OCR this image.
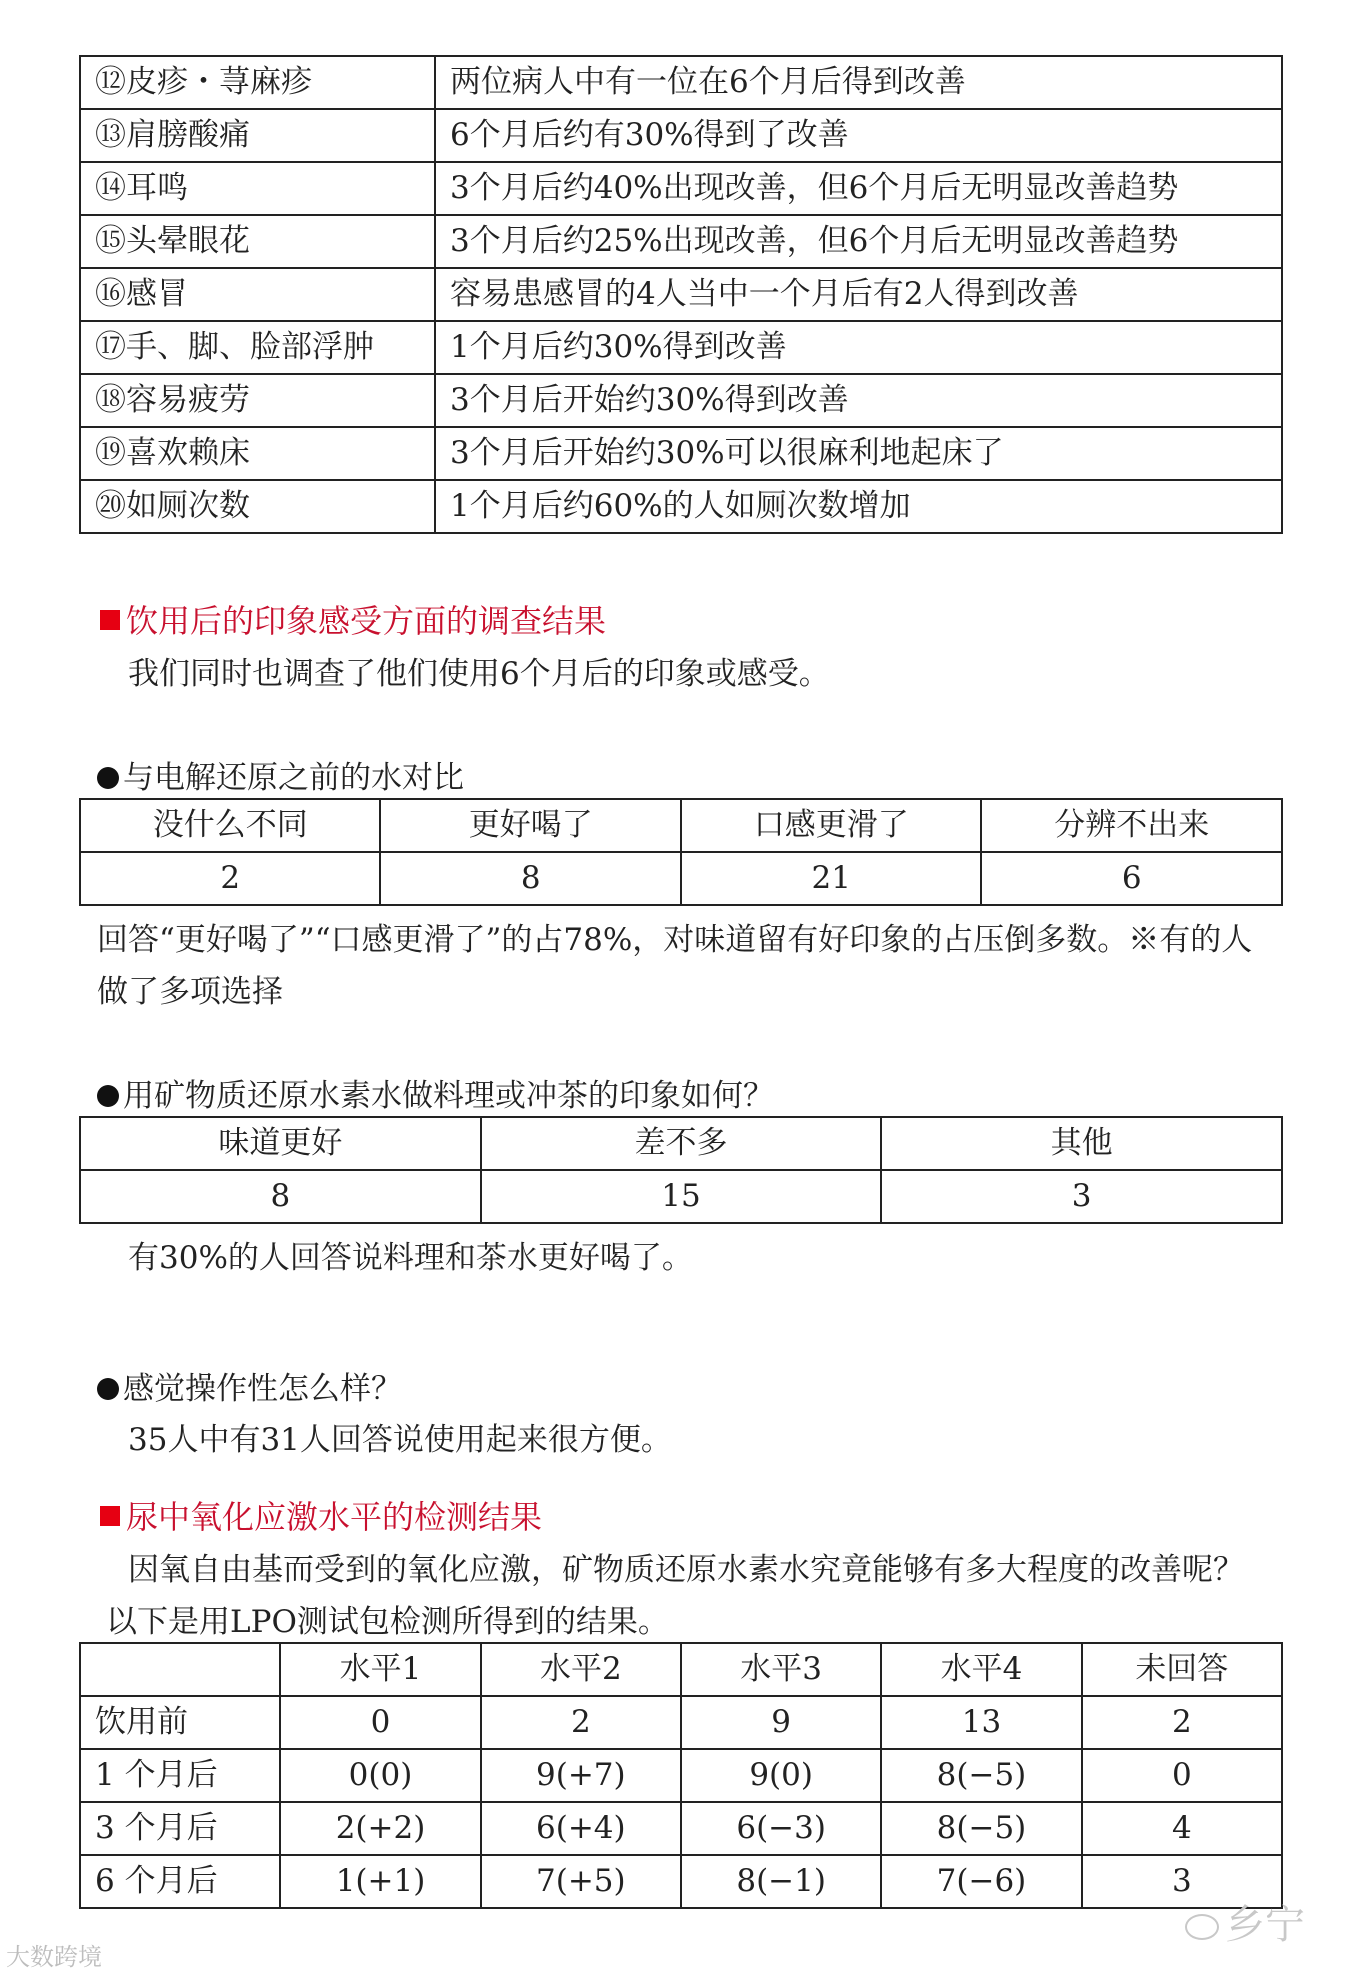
⑫皮疹・荨麻疹	两位病人中有一位在6个月后得到改善
⑬肩膀酸痛	6个月后约有30%得到了改善
⑭耳鸣	3个月后约40%出现改善，但6个月后无明显改善趋势
⑮头晕眼花	3个月后约25%出现改善，但6个月后无明显改善趋势
⑯感冒	容易患感冒的4人当中一个月后有2人得到改善
⑰手、脚、脸部浮肿	1个月后约30%得到改善
⑱容易疲劳	3个月后开始约30%得到改善
⑲喜欢赖床	3个月后开始约30%可以很麻利地起床了
⑳如厕次数	1个月后约60%的人如厕次数增加
饮用后的印象感受方面的调查结果
我们同时也调查了他们使用6个月后的印象或感受。
与电解还原之前的水对比
没什么不同	更好喝了	口感更滑了	分辨不出来
2	8	21	6
回答“更好喝了”“口感更滑了”的占78%，对味道留有好印象的占压倒多数。※有的人
做了多项选择
用矿物质还原水素水做料理或冲茶的印象如何？
味道更好	差不多	其他
8	15	3
有30%的人回答说料理和茶水更好喝了。
感觉操作性怎么样？
35人中有31人回答说使用起来很方便。
尿中氧化应激水平的检测结果
因氧自由基而受到的氧化应激，矿物质还原水素水究竟能够有多大程度的改善呢？
以下是用LPO测试包检测所得到的结果。
	水平1	水平2	水平3	水平4	未回答
饮用前	0	2	9	13	2
1 个月后	0(0)	9(+7)	9(0)	8(−5)	0
3 个月后	2(+2)	6(+4)	6(−3)	8(−5)	4
6 个月后	1(+1)	7(+5)	8(−1)	7(−6)	3
大数跨境
乡宁
